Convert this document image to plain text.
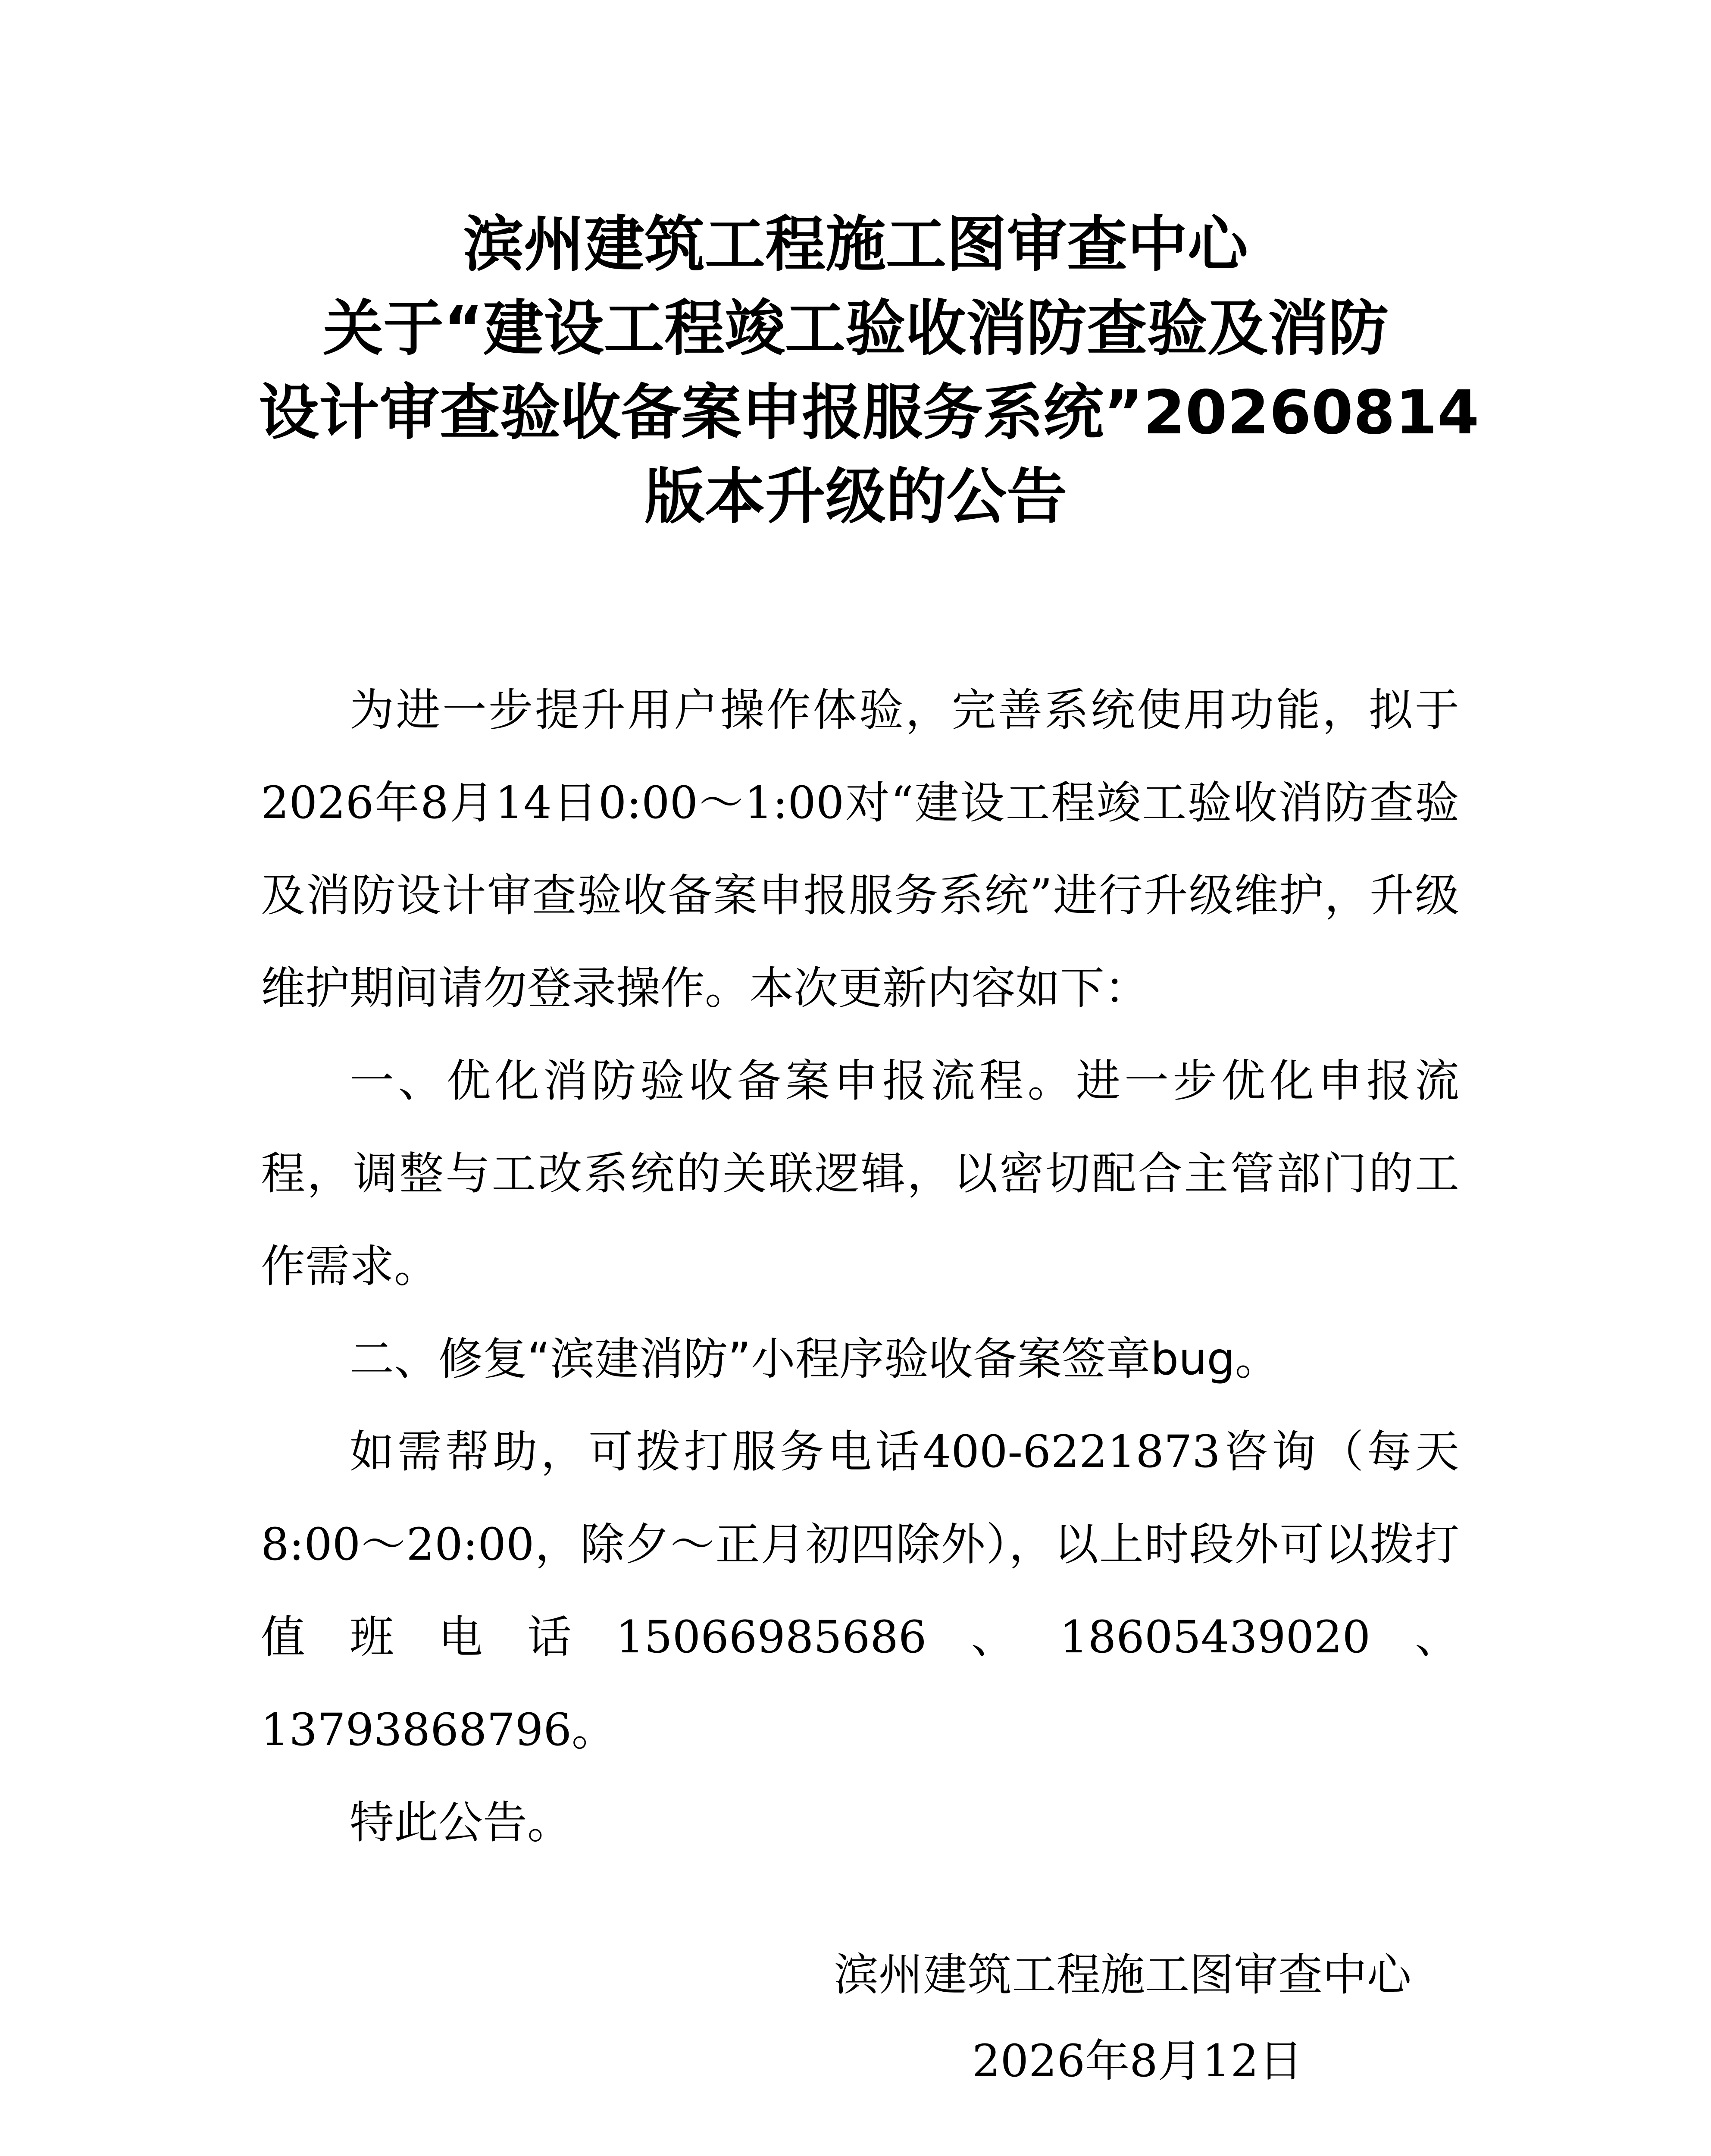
滨州建筑工程施工图审查中心
关于“建设工程竣工验收消防查验及消防
设计审查验收备案申报服务系统”20260814
版本升级的公告

为进一步提升用户操作体验，完善系统使用功能，拟于2026年8月14日0:00～1:00对“建设工程竣工验收消防查验及消防设计审查验收备案申报服务系统”进行升级维护，升级维护期间请勿登录操作。本次更新内容如下：

一、优化消防验收备案申报流程。进一步优化申报流程，调整与工改系统的关联逻辑，以密切配合主管部门的工作需求。

二、修复“滨建消防”小程序验收备案签章bug。

如需帮助，可拨打服务电话400-6221873咨询（每天8:00～20:00，除夕～正月初四除外），以上时段外可以拨打值班电话15066985686、18605439020、13793868796。

特此公告。

滨州建筑工程施工图审查中心
2026年8月12日
